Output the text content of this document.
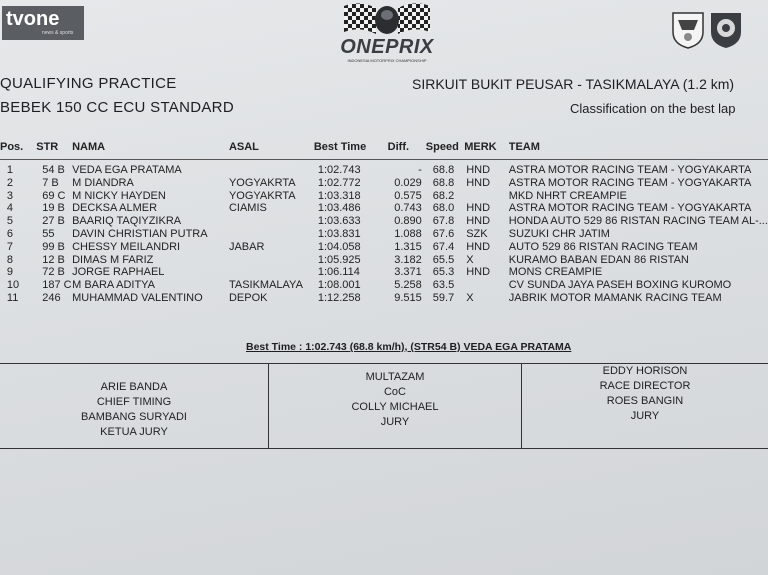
tvone
news & sports
ONEPRIX
INDONESIA MOTORPRIX CHAMPIONSHIP
QUALIFYING PRACTICE
BEBEK 150 CC ECU STANDARD
SIRKUIT BUKIT PEUSAR - TASIKMALAYA (1.2 km)
Classification on the best lap
	Pos.		STR	NAMA	ASAL	Best Time	Diff.	Speed	MERK	TEAM

		1	54 B	VEDA EGA PRATAMA		1:02.743	-	68.8	HND	ASTRA MOTOR RACING TEAM - YOGYAKARTA
		2	7 B	M DIANDRA	YOGYAKRTA	1:02.772	0.029	68.8	HND	ASTRA MOTOR RACING TEAM - YOGYAKARTA
		3	69 C	M NICKY HAYDEN	YOGYAKRTA	1:03.318	0.575	68.2		MKD NHRT CREAMPIE
		4	19 B	DECKSA ALMER	CIAMIS	1:03.486	0.743	68.0	HND	ASTRA MOTOR RACING TEAM - YOGYAKARTA
		5	27 B	BAARIQ TAQIYZIKRA		1:03.633	0.890	67.8	HND	HONDA AUTO 529 86 RISTAN RACING TEAM AL-...
		6	55	DAVIN CHRISTIAN PUTRA		1:03.831	1.088	67.6	SZK	SUZUKI CHR JATIM
		7	99 B	CHESSY MEILANDRI	JABAR	1:04.058	1.315	67.4	HND	AUTO 529 86 RISTAN RACING TEAM
		8	12 B	DIMAS M FARIZ		1:05.925	3.182	65.5	X	KURAMO BABAN EDAN 86 RISTAN
		9	72 B	JORGE RAPHAEL		1:06.114	3.371	65.3	HND	MONS CREAMPIE
		10	187 C	M BARA ADITYA	TASIKMALAYA	1:08.001	5.258	63.5		CV SUNDA JAYA PASEH BOXING KUROMO
		11	246	MUHAMMAD VALENTINO	DEPOK	1:12.258	9.515	59.7	X	JABRIK MOTOR MAMANK RACING TEAM
Best Time : 1:02.743 (68.8 km/h), (STR54 B) VEDA EGA PRATAMA
ARIE BANDA
CHIEF TIMING
BAMBANG SURYADI
KETUA JURY
MULTAZAM
CoC
COLLY MICHAEL
JURY
EDDY HORISON
RACE DIRECTOR
ROES BANGIN
JURY
